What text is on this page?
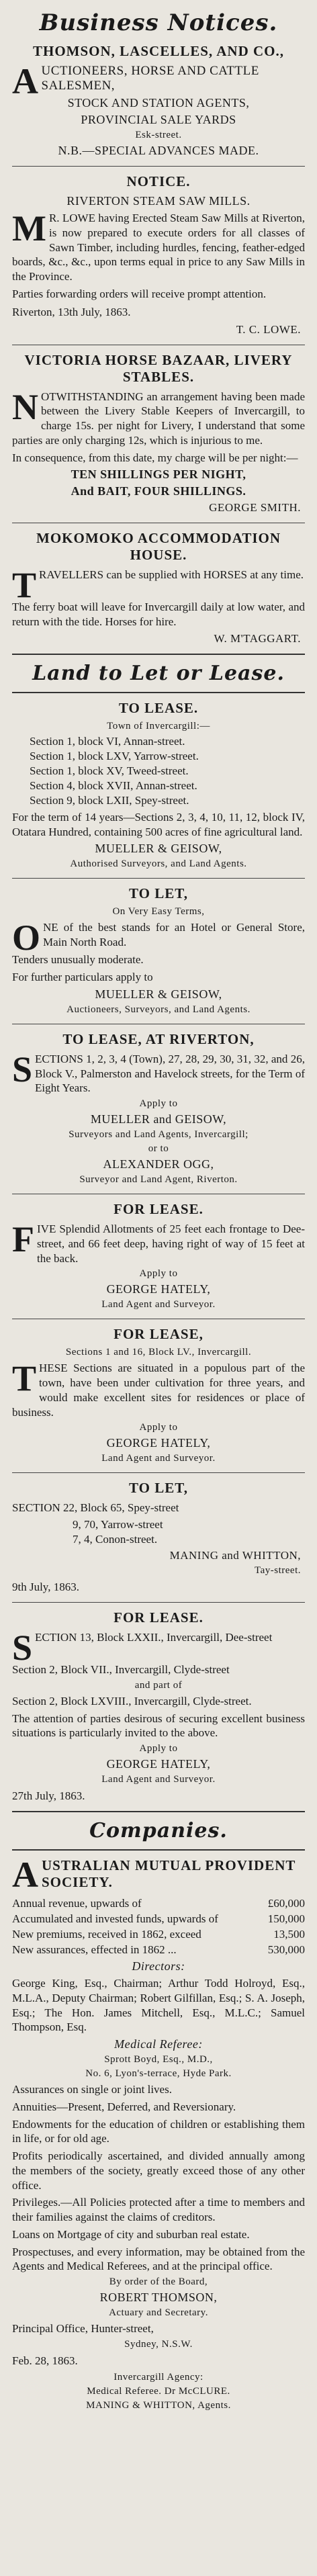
Business Notices.
THOMSON, LASCELLES, AND CO.,
AUCTIONEERS, HORSE AND CATTLE SALESMEN,
STOCK AND STATION AGENTS,
PROVINCIAL SALE YARDS
Esk-street.
N.B.—SPECIAL ADVANCES MADE.
NOTICE.
RIVERTON STEAM SAW MILLS.
MR. LOWE having Erected Steam Saw Mills at Riverton, is now prepared to execute orders for all classes of Sawn Timber, including hurdles, fencing, feather-edged boards, &c., &c., upon terms equal in price to any Saw Mills in the Province.
Parties forwarding orders will receive prompt attention.
Riverton, 13th July, 1863.
T. C. LOWE.
VICTORIA HORSE BAZAAR, LIVERY STABLES.
NOTWITHSTANDING an arrangement having been made between the Livery Stable Keepers of Invercargill, to charge 15s. per night for Livery, I understand that some parties are only charging 12s, which is injurious to me.
In consequence, from this date, my charge will be per night:—
TEN SHILLINGS PER NIGHT,
And BAIT, FOUR SHILLINGS.
GEORGE SMITH.
MOKOMOKO ACCOMMODATION HOUSE.
TRAVELLERS can be supplied with HORSES at any time.
The ferry boat will leave for Invercargill daily at low water, and return with the tide. Horses for hire.
W. M'TAGGART.
Land to Let or Lease.
TO LEASE.
Town of Invercargill:—
Section 1, block VI, Annan-street.
Section 1, block LXV, Yarrow-street.
Section 1, block XV, Tweed-street.
Section 4, block XVII, Annan-street.
Section 9, block LXII, Spey-street.
For the term of 14 years—Sections 2, 3, 4, 10, 11, 12, block IV, Otatara Hundred, containing 500 acres of fine agricultural land.
MUELLER & GEISOW,
Authorised Surveyors, and Land Agents.
TO LET,
On Very Easy Terms,
ONE of the best stands for an Hotel or General Store, Main North Road.
Tenders unusually moderate.
For further particulars apply to
MUELLER & GEISOW,
Auctioneers, Surveyors, and Land Agents.
TO LEASE, AT RIVERTON,
SECTIONS 1, 2, 3, 4 (Town), 27, 28, 29, 30, 31, 32, and 26, Block V., Palmerston and Havelock streets, for the Term of Eight Years.
Apply to
MUELLER and GEISOW,
Surveyors and Land Agents, Invercargill;
or to
ALEXANDER OGG,
Surveyor and Land Agent, Riverton.
FOR LEASE.
FIVE Splendid Allotments of 25 feet each frontage to Dee-street, and 66 feet deep, having right of way of 15 feet at the back.
Apply to
GEORGE HATELY,
Land Agent and Surveyor.
FOR LEASE,
Sections 1 and 16, Block LV., Invercargill.
THESE Sections are situated in a populous part of the town, have been under cultivation for three years, and would make excellent sites for residences or place of business.
Apply to
GEORGE HATELY,
Land Agent and Surveyor.
TO LET,
SECTION 22, Block 65, Spey-street
9, 70, Yarrow-street
7, 4, Conon-street.
MANING and WHITTON,
Tay-street.
9th July, 1863.
FOR LEASE.
SECTION 13, Block LXXII., Invercargill, Dee-street
Section 2, Block VII., Invercargill, Clyde-street
and part of
Section 2, Block LXVIII., Invercargill, Clyde-street.
The attention of parties desirous of securing excellent business situations is particularly invited to the above.
Apply to
GEORGE HATELY,
Land Agent and Surveyor.
27th July, 1863.
Companies.
AUSTRALIAN MUTUAL PROVIDENT SOCIETY.
Annual revenue, upwards of	£60,000
Accumulated and invested funds, upwards of	150,000
New premiums, received in 1862, exceed	13,500
New assurances, effected in 1862 ...	530,000
Directors:
George King, Esq., Chairman; Arthur Todd Holroyd, Esq., M.L.A., Deputy Chairman; Robert Gilfillan, Esq.; S. A. Joseph, Esq.; The Hon. James Mitchell, Esq., M.L.C.; Samuel Thompson, Esq.
Medical Referee:
Sprott Boyd, Esq., M.D.,
No. 6, Lyon's-terrace, Hyde Park.
Assurances on single or joint lives.
Annuities—Present, Deferred, and Reversionary.
Endowments for the education of children or establishing them in life, or for old age.
Profits periodically ascertained, and divided annually among the members of the society, greatly exceed those of any other office.
Privileges.—All Policies protected after a time to members and their families against the claims of creditors.
Loans on Mortgage of city and suburban real estate.
Prospectuses, and every information, may be obtained from the Agents and Medical Referees, and at the principal office.
By order of the Board,
ROBERT THOMSON,
Actuary and Secretary.
Principal Office, Hunter-street,
Sydney, N.S.W.
Feb. 28, 1863.
Invercargill Agency:
Medical Referee. Dr McCLURE.
MANING & WHITTON, Agents.
